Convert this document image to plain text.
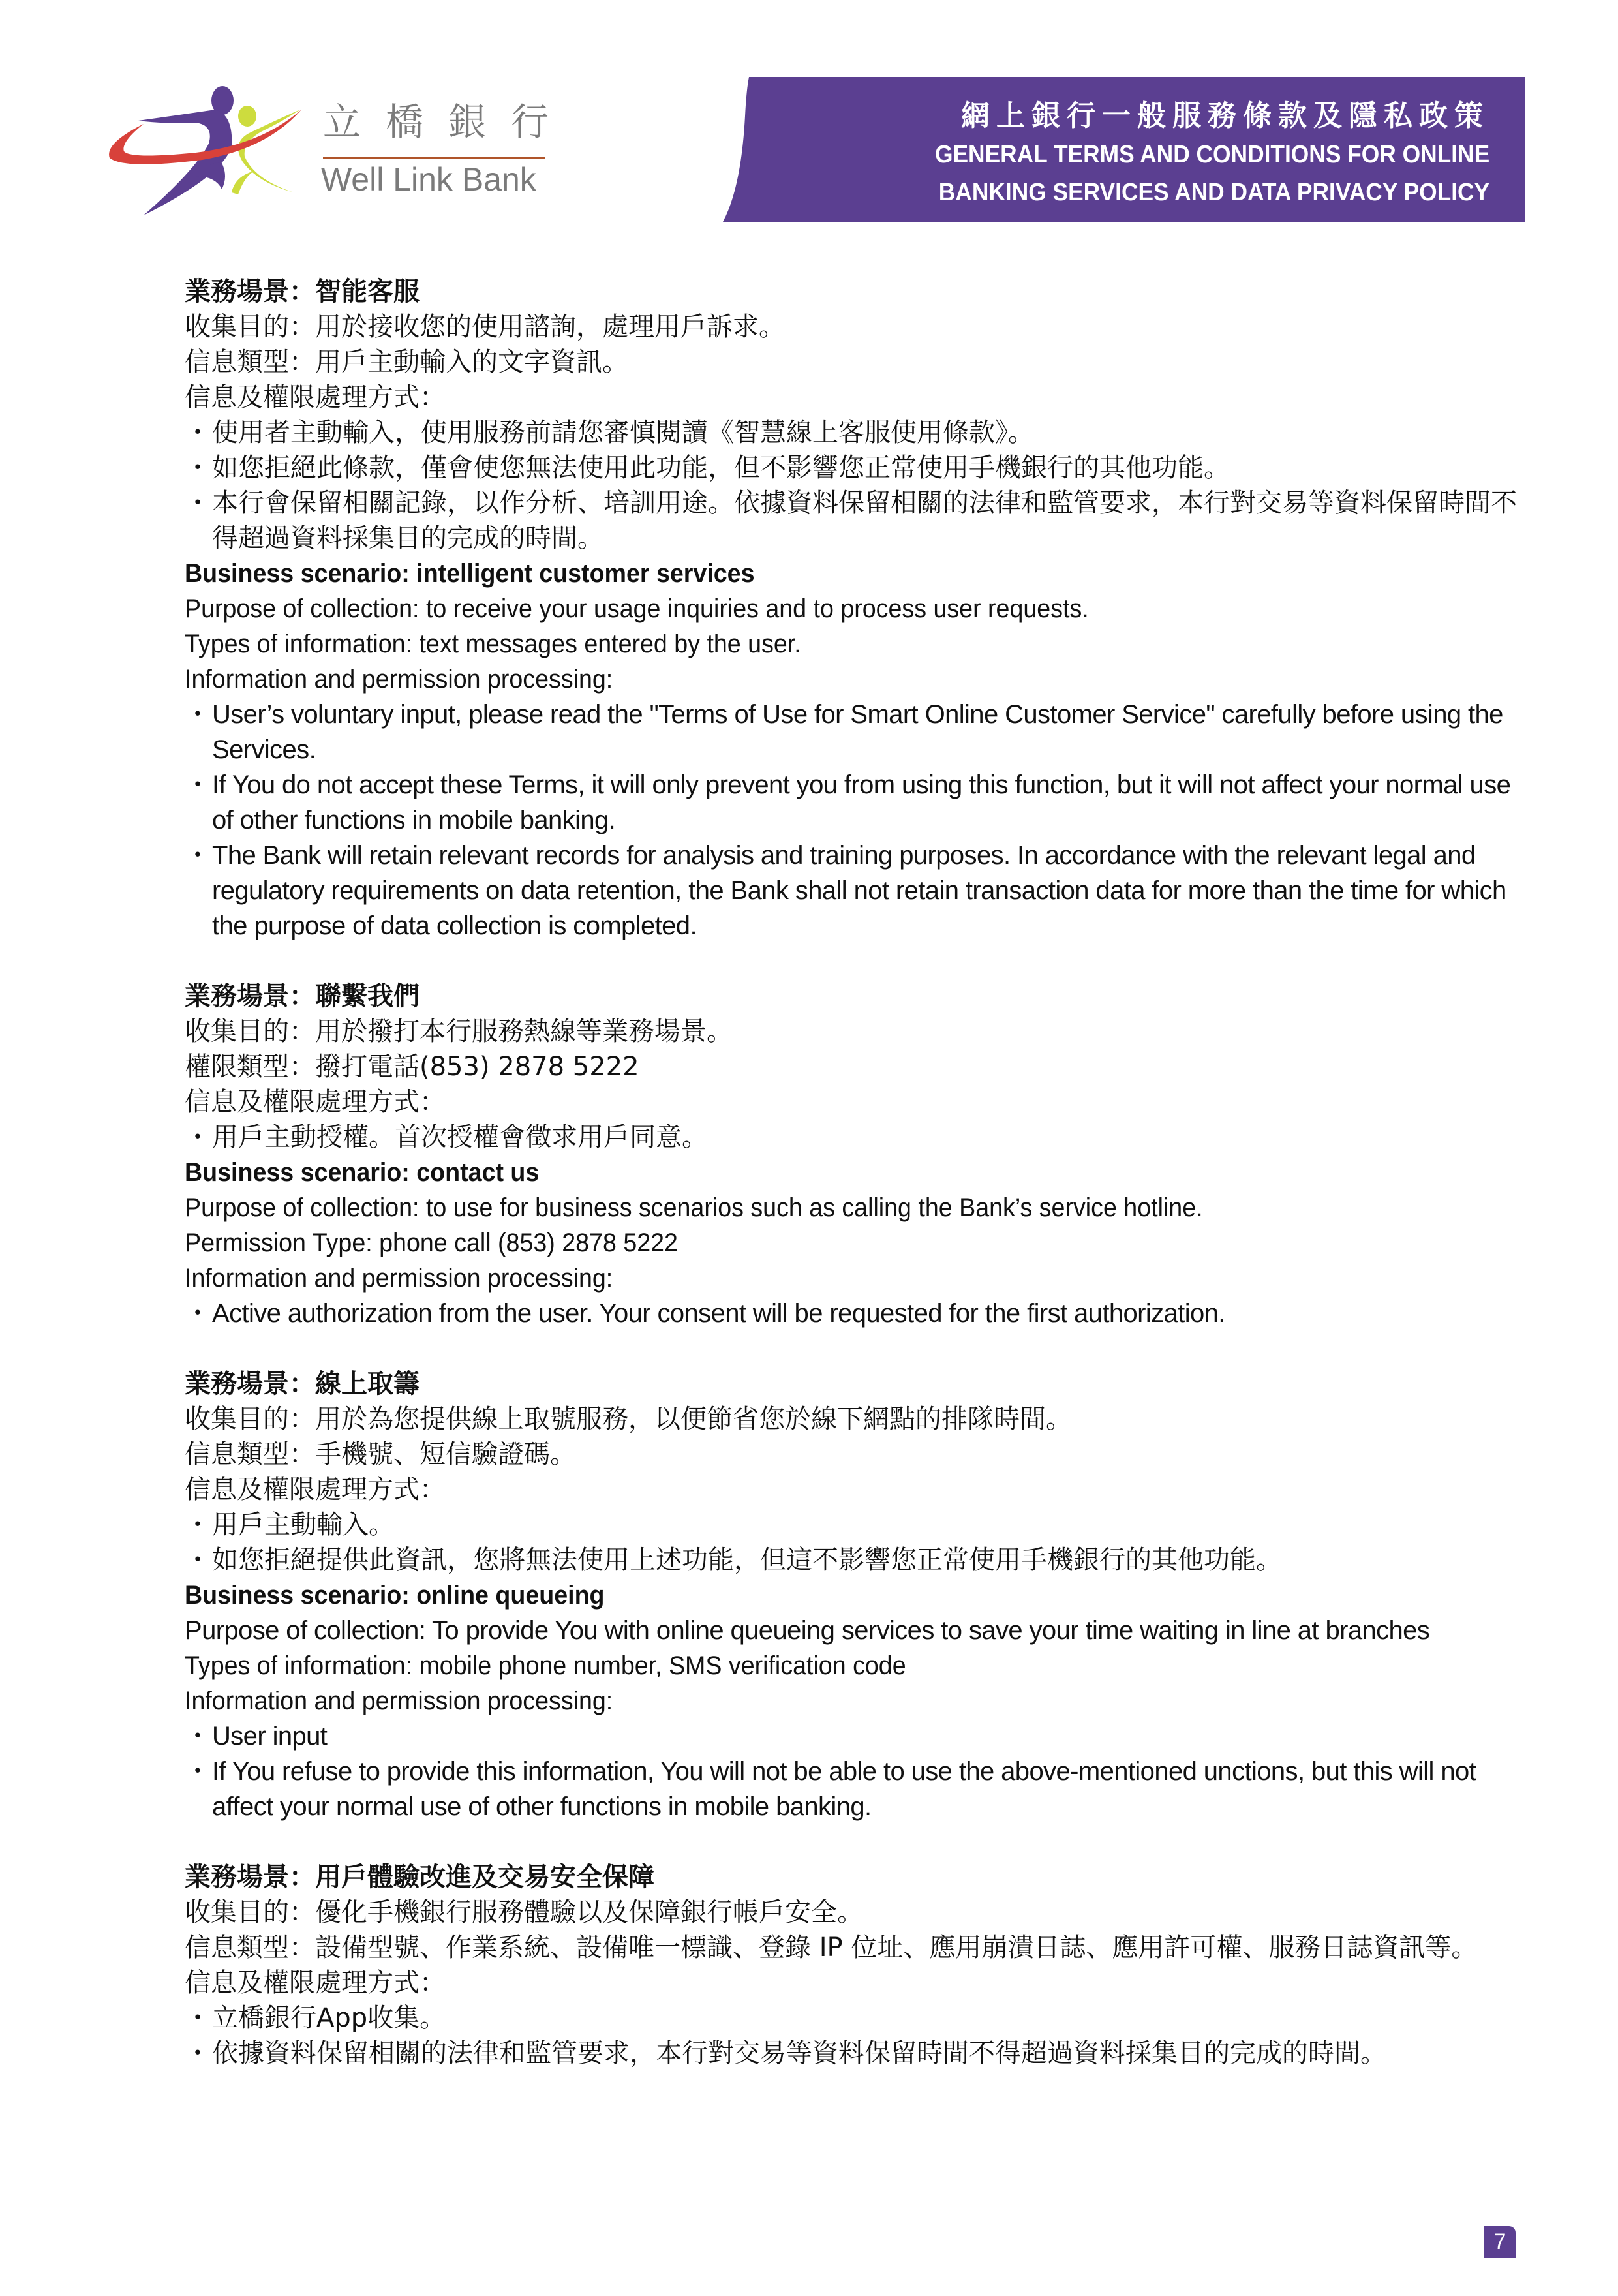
立橋銀行
Well Link Bank
網上銀行一般服務條款及隱私政策
GENERAL TERMS AND CONDITIONS FOR ONLINE
BANKING SERVICES AND DATA PRIVACY POLICY

業務場景：智能客服

收集目的：用於接收您的使用諮詢，處理用戶訴求。

信息類型：用戶主動輸入的文字資訊。

信息及權限處理方式：

・ 使用者主動輸入，使用服務前請您審慎閱讀《智慧線上客服使用條款》。

・ 如您拒絕此條款，僅會使您無法使用此功能，但不影響您正常使用手機銀行的其他功能。

・ 本行會保留相關記錄，以作分析、培訓用途。依據資料保留相關的法律和監管要求，本行對交易等資料保留時間不得超過資料採集目的完成的時間。

Business scenario: intelligent customer services

Purpose of collection: to receive your usage inquiries and to process user requests.

Types of information: text messages entered by the user.

Information and permission processing:

・ User’s voluntary input, please read the "Terms of Use for Smart Online Customer Service" carefully before using the Services.

・ If You do not accept these Terms, it will only prevent you from using this function, but it will not affect your normal use of other functions in mobile banking.

・ The Bank will retain relevant records for analysis and training purposes. In accordance with the relevant legal and regulatory requirements on data retention, the Bank shall not retain transaction data for more than the time for which the purpose of data collection is completed.

業務場景：聯繫我們

收集目的：用於撥打本行服務熱線等業務場景。

權限類型：撥打電話(853) 2878 5222

信息及權限處理方式：

・ 用戶主動授權。首次授權會徵求用戶同意。

Business scenario: contact us

Purpose of collection: to use for business scenarios such as calling the Bank’s service hotline.

Permission Type: phone call (853) 2878 5222

Information and permission processing:

・ Active authorization from the user. Your consent will be requested for the first authorization.

業務場景：線上取籌

收集目的：用於為您提供線上取號服務，以便節省您於線下網點的排隊時間。

信息類型：手機號、短信驗證碼。

信息及權限處理方式：

・ 用戶主動輸入。

・ 如您拒絕提供此資訊，您將無法使用上述功能，但這不影響您正常使用手機銀行的其他功能。

Business scenario: online queueing

Purpose of collection: To provide You with online queueing services to save your time waiting in line at branches

Types of information: mobile phone number, SMS verification code

Information and permission processing:

・ User input

・ If You refuse to provide this information, You will not be able to use the above-mentioned unctions, but this will not affect your normal use of other functions in mobile banking.

業務場景：用戶體驗改進及交易安全保障

收集目的：優化手機銀行服務體驗以及保障銀行帳戶安全。

信息類型：設備型號、作業系統、設備唯一標識、登錄 IP 位址、應用崩潰日誌、應用許可權、服務日誌資訊等。

信息及權限處理方式：

・ 立橋銀行App收集。

・ 依據資料保留相關的法律和監管要求，本行對交易等資料保留時間不得超過資料採集目的完成的時間。

7
